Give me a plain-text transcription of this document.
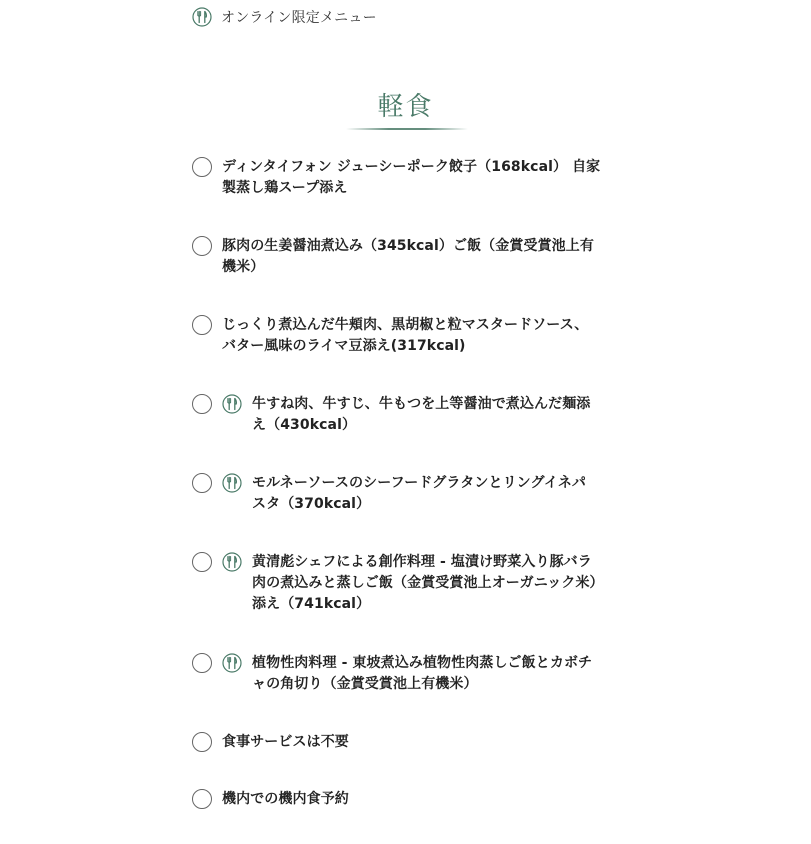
オンライン限定メニュー
軽食
ディンタイフォン ジューシーポーク餃子（168kcal） 自家製蒸し鶏スープ添え
豚肉の生姜醤油煮込み（345kcal）ご飯（金賞受賞池上有機米）
じっくり煮込んだ牛頬肉、黒胡椒と粒マスタードソース、バター風味のライマ豆添え(317kcal)
牛すね肉、牛すじ、牛もつを上等醤油で煮込んだ麺添え（430kcal）
モルネーソースのシーフードグラタンとリングイネパスタ（370kcal）
黄清彪シェフによる創作料理 - 塩漬け野菜入り豚バラ肉の煮込みと蒸しご飯（金賞受賞池上オーガニック米）添え（741kcal）
植物性肉料理 - 東坡煮込み植物性肉蒸しご飯とカボチャの角切り（金賞受賞池上有機米）
食事サービスは不要
機内での機内食予約
